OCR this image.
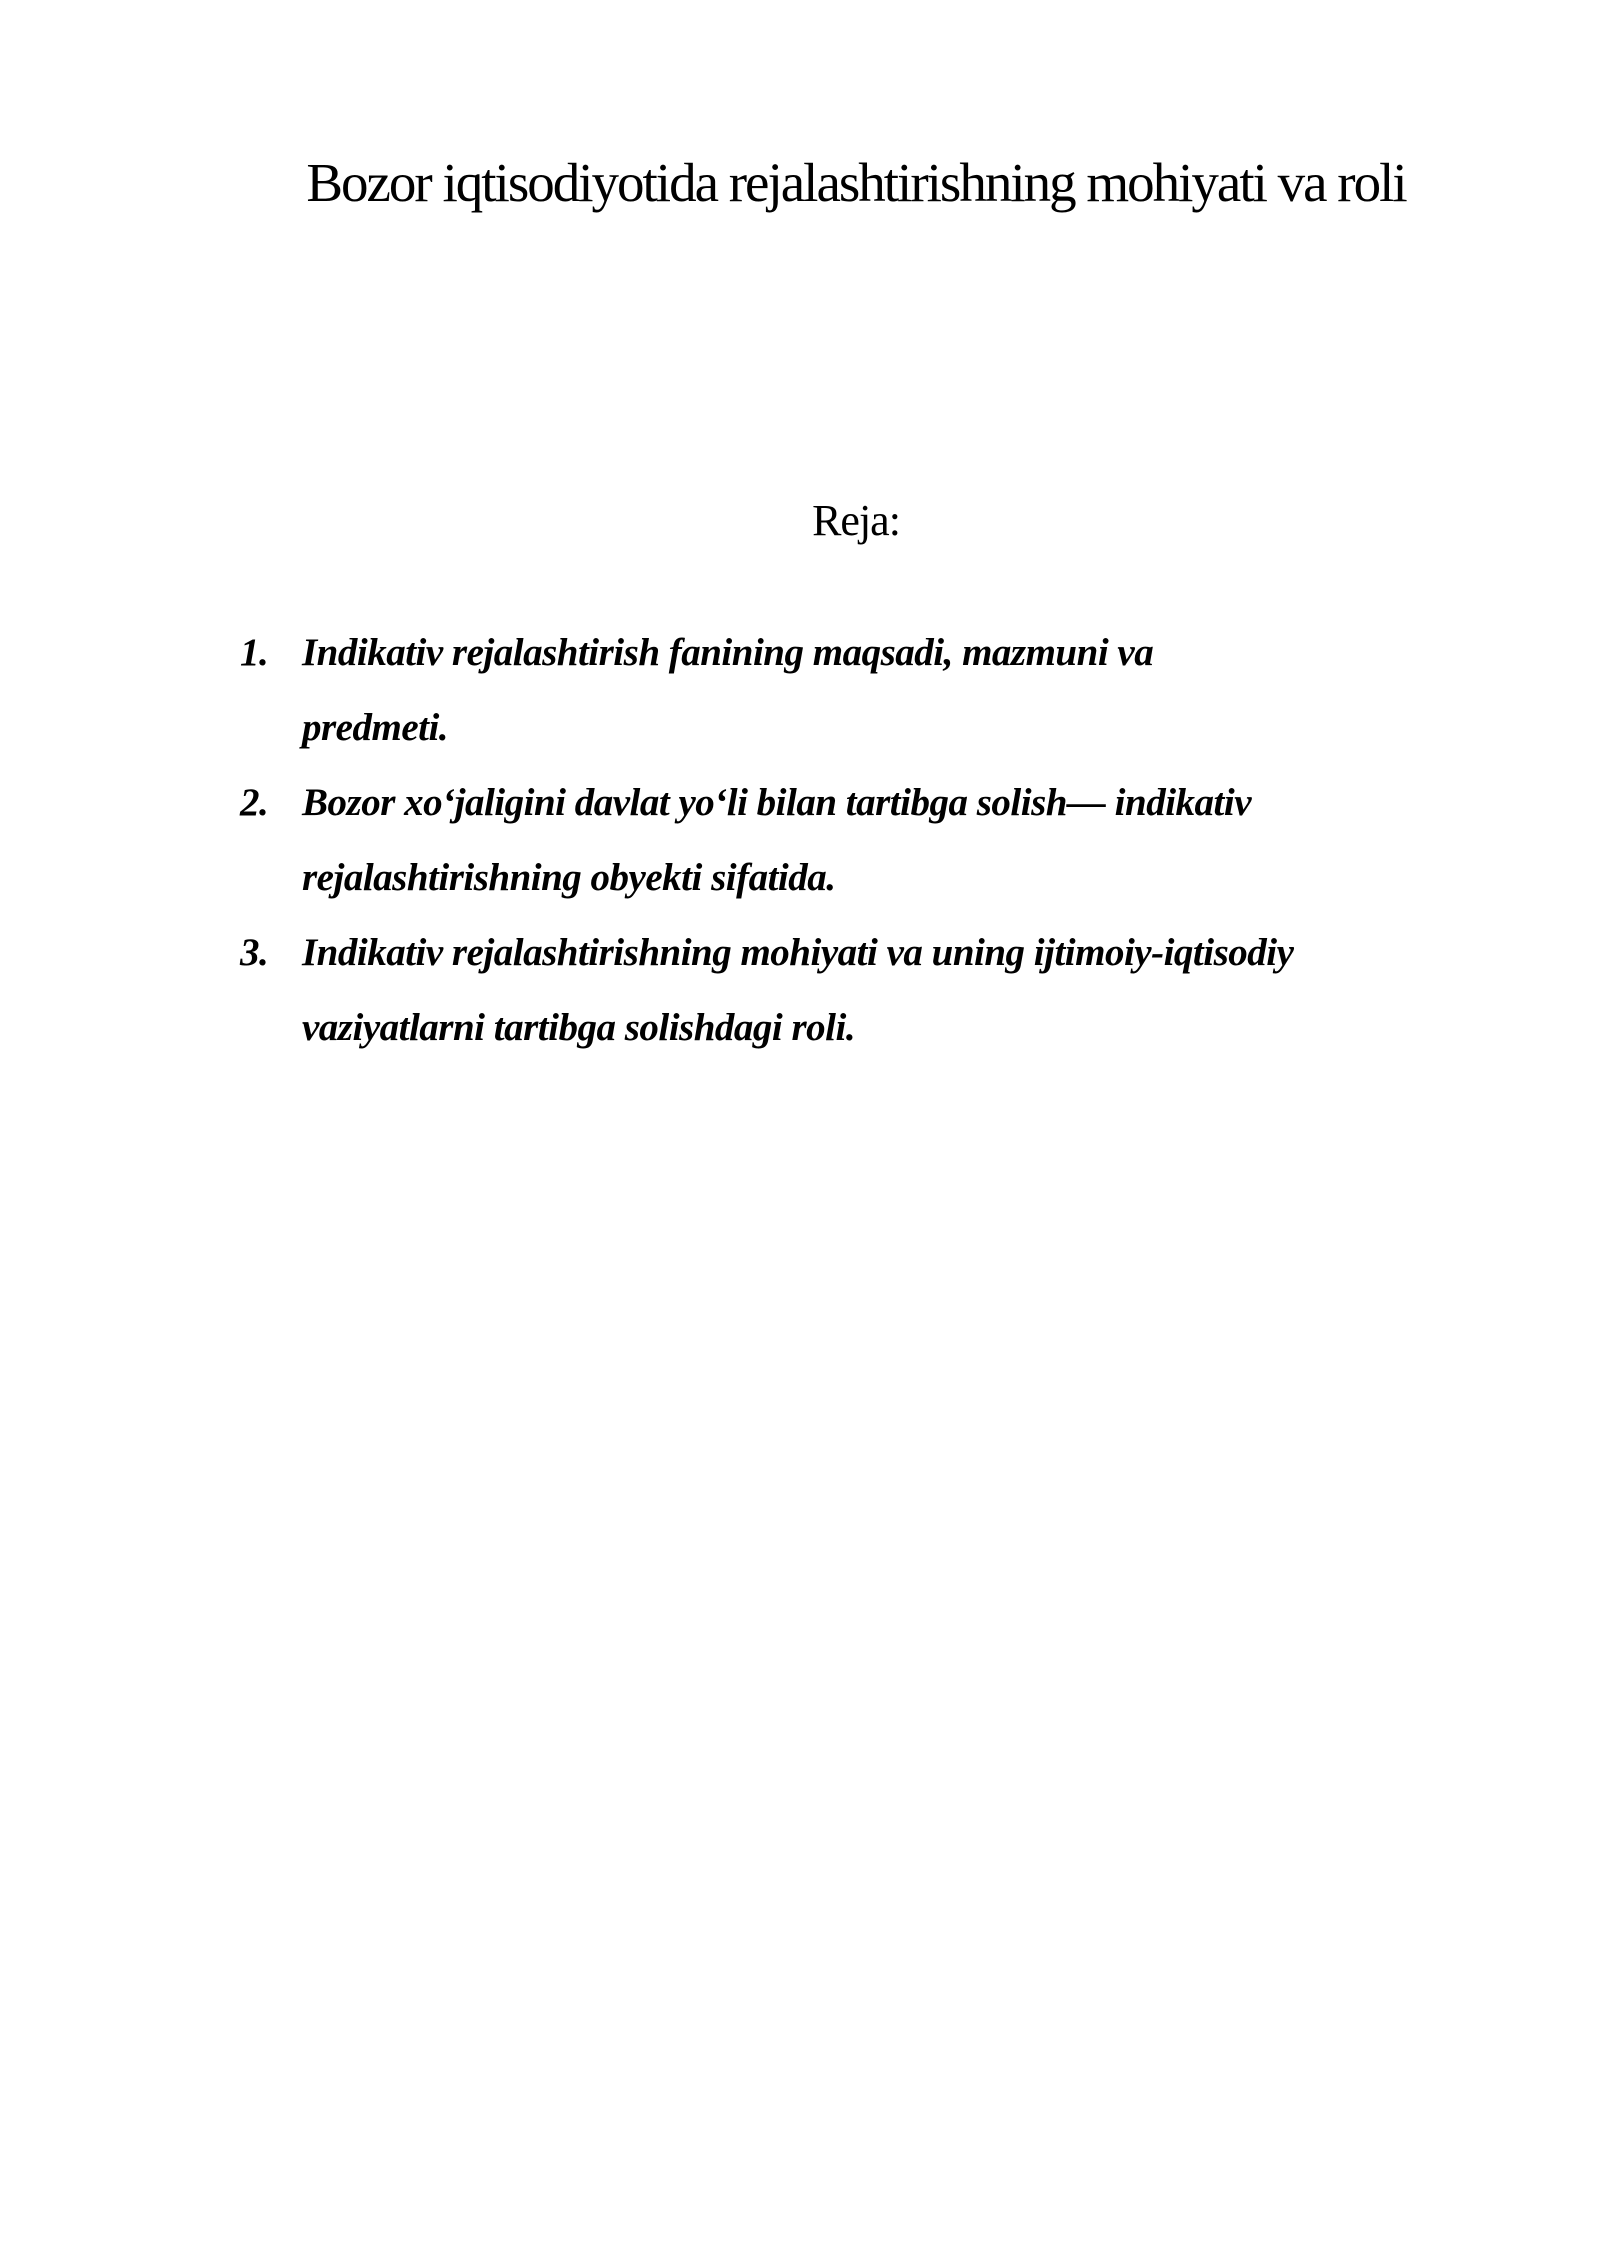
Bozor iqtisodiyotida rejalashtirishning mohiyati va roli
Reja:
1. Indikativ rejalashtirish fanining maqsadi, mazmuni va
predmeti.
2. Bozor xo‘jaligini davlat yo‘li bilan tartibga solish— indikativ
rejalashtirishning obyekti sifatida.
3. Indikativ rejalashtirishning mohiyati va uning ijtimoiy-iqtisodiy
vaziyatlarni tartibga solishdagi roli.
